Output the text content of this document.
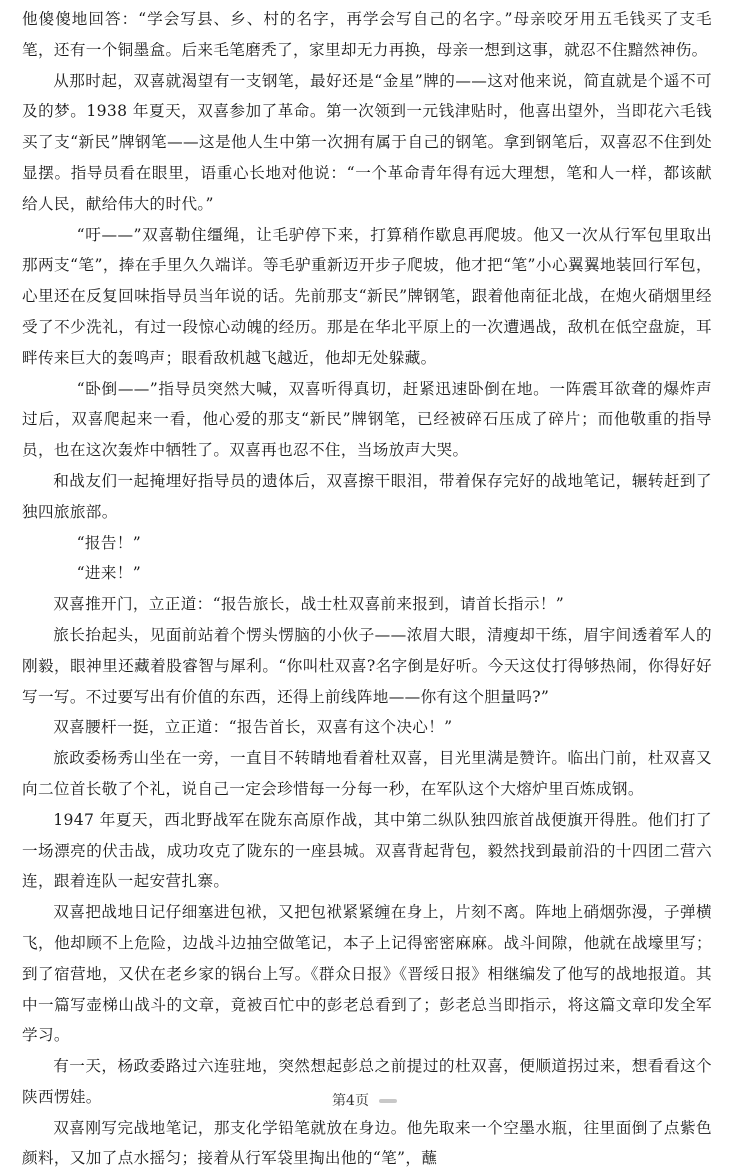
他傻傻地回答：“学会写县、乡、村的名字，再学会写自己的名字。”母亲咬牙用五毛钱买了支毛笔，还有一个铜墨盒。后来毛笔磨秃了，家里却无力再换，母亲一想到这事，就忍不住黯然神伤。

从那时起，双喜就渴望有一支钢笔，最好还是“金星”牌的——这对他来说，简直就是个遥不可及的梦。1938 年夏天，双喜参加了革命。第一次领到一元钱津贴时，他喜出望外，当即花六毛钱买了支“新民”牌钢笔——这是他人生中第一次拥有属于自己的钢笔。拿到钢笔后，双喜忍不住到处显摆。指导员看在眼里，语重心长地对他说：“一个革命青年得有远大理想，笔和人一样，都该献给人民，献给伟大的时代。”

“吁——”双喜勒住缰绳，让毛驴停下来，打算稍作歇息再爬坡。他又一次从行军包里取出那两支“笔”，捧在手里久久端详。等毛驴重新迈开步子爬坡，他才把“笔”小心翼翼地装回行军包，心里还在反复回味指导员当年说的话。先前那支“新民”牌钢笔，跟着他南征北战，在炮火硝烟里经受了不少洗礼，有过一段惊心动魄的经历。那是在华北平原上的一次遭遇战，敌机在低空盘旋，耳畔传来巨大的轰鸣声；眼看敌机越飞越近，他却无处躲藏。

“卧倒——”指导员突然大喊，双喜听得真切，赶紧迅速卧倒在地。一阵震耳欲聋的爆炸声过后，双喜爬起来一看，他心爱的那支“新民”牌钢笔，已经被碎石压成了碎片；而他敬重的指导员，也在这次轰炸中牺牲了。双喜再也忍不住，当场放声大哭。

和战友们一起掩埋好指导员的遗体后，双喜擦干眼泪，带着保存完好的战地笔记，辗转赶到了独四旅旅部。

“报告！”

“进来！”

双喜推开门，立正道：“报告旅长，战士杜双喜前来报到，请首长指示！”

旅长抬起头，见面前站着个愣头愣脑的小伙子——浓眉大眼，清瘦却干练，眉宇间透着军人的刚毅，眼神里还藏着股睿智与犀利。“你叫杜双喜?名字倒是好听。今天这仗打得够热闹，你得好好写一写。不过要写出有价值的东西，还得上前线阵地——你有这个胆量吗?”

双喜腰杆一挺，立正道：“报告首长，双喜有这个决心！”

旅政委杨秀山坐在一旁，一直目不转睛地看着杜双喜，目光里满是赞许。临出门前，杜双喜又向二位首长敬了个礼，说自己一定会珍惜每一分每一秒，在军队这个大熔炉里百炼成钢。

1947 年夏天，西北野战军在陇东高原作战，其中第二纵队独四旅首战便旗开得胜。他们打了一场漂亮的伏击战，成功攻克了陇东的一座县城。双喜背起背包，毅然找到最前沿的十四团二营六连，跟着连队一起安营扎寨。

双喜把战地日记仔细塞进包袱，又把包袱紧紧缠在身上，片刻不离。阵地上硝烟弥漫，子弹横飞，他却顾不上危险，边战斗边抽空做笔记，本子上记得密密麻麻。战斗间隙，他就在战壕里写；到了宿营地，又伏在老乡家的锅台上写。《群众日报》《晋绥日报》相继编发了他写的战地报道。其中一篇写壶梯山战斗的文章，竟被百忙中的彭老总看到了；彭老总当即指示，将这篇文章印发全军学习。

有一天，杨政委路过六连驻地，突然想起彭总之前提过的杜双喜，便顺道拐过来，想看看这个陕西愣娃。

双喜刚写完战地笔记，那支化学铅笔就放在身边。他先取来一个空墨水瓶，往里面倒了点紫色颜料，又加了点水摇匀；接着从行军袋里掏出他的“笔”，蘸

第4页
